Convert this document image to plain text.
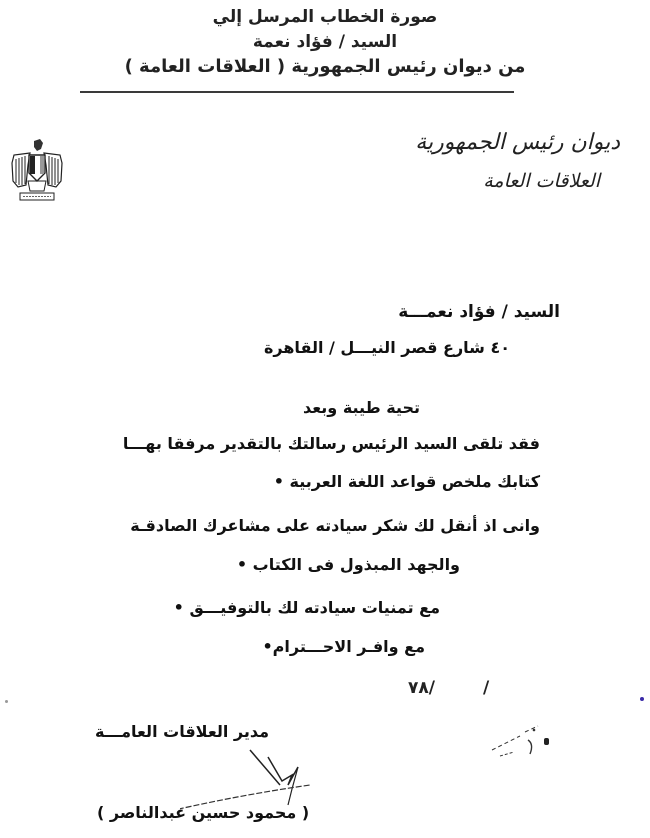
صورة الخطاب المرسل إلي
السيد / فؤاد نعمة
من ديوان رئيس الجمهورية ( العلاقات العامة )
ديوان رئيس الجمهورية
العلاقات العامة
السيد / فؤاد نعمـــة
٤٠ شارع قصر النيـــل / القاهرة
تحية طيبة وبعد
فقد تلقى السيد الرئيس رسالتك بالتقدير مرفقا بهـــا
كتابك ملخص قواعد اللغة العربية •
وانى اذ أنقل لك شكر سيادته على مشاعرك الصادقـة
والجهد المبذول فى الكتاب •
مع تمنيات سيادته لك بالتوفيـــق •
مع وافـر الاحـــترام•
٧٨/	/
مدير العلاقات العامـــة
( محمود حسين عبدالناصر )
